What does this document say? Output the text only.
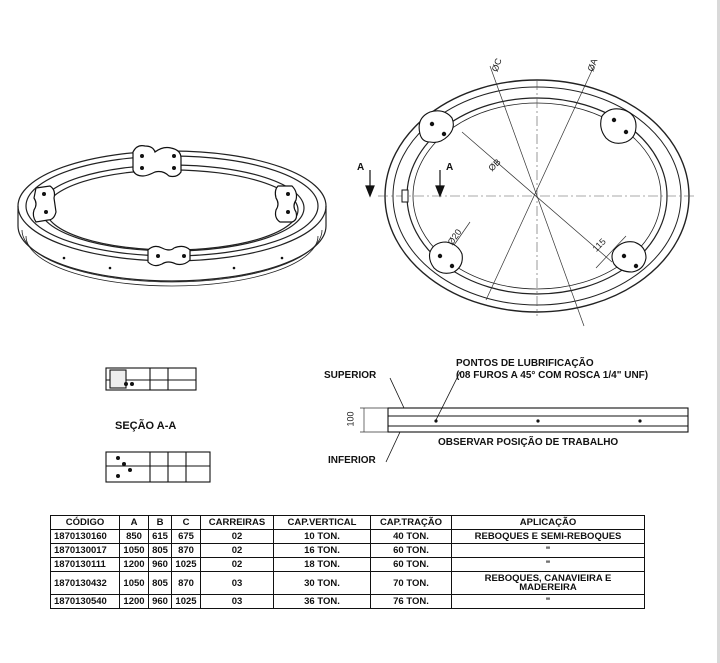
A	A
ØC	ØA
ØB
Ø20	115
SEÇÃO A-A
SUPERIOR
INFERIOR
100
PONTOS DE LUBRIFICAÇÃO
(08 FUROS A 45° COM ROSCA 1/4" UNF)
OBSERVAR POSIÇÃO DE TRABALHO
CÓDIGO	A	B	C	CARREIRAS	CAP.VERTICAL	CAP.TRAÇÃO	APLICAÇÃO
1870130160	850	615	675	02	10 TON.	40 TON.	REBOQUES E SEMI-REBOQUES
1870130017	1050	805	870	02	16 TON.	60 TON.	"
1870130111	1200	960	1025	02	18 TON.	60 TON.	"
1870130432	1050	805	870	03	30 TON.	70 TON.	REBOQUES, CANAVIEIRA E MADEREIRA
1870130540	1200	960	1025	03	36 TON.	76 TON.	"
